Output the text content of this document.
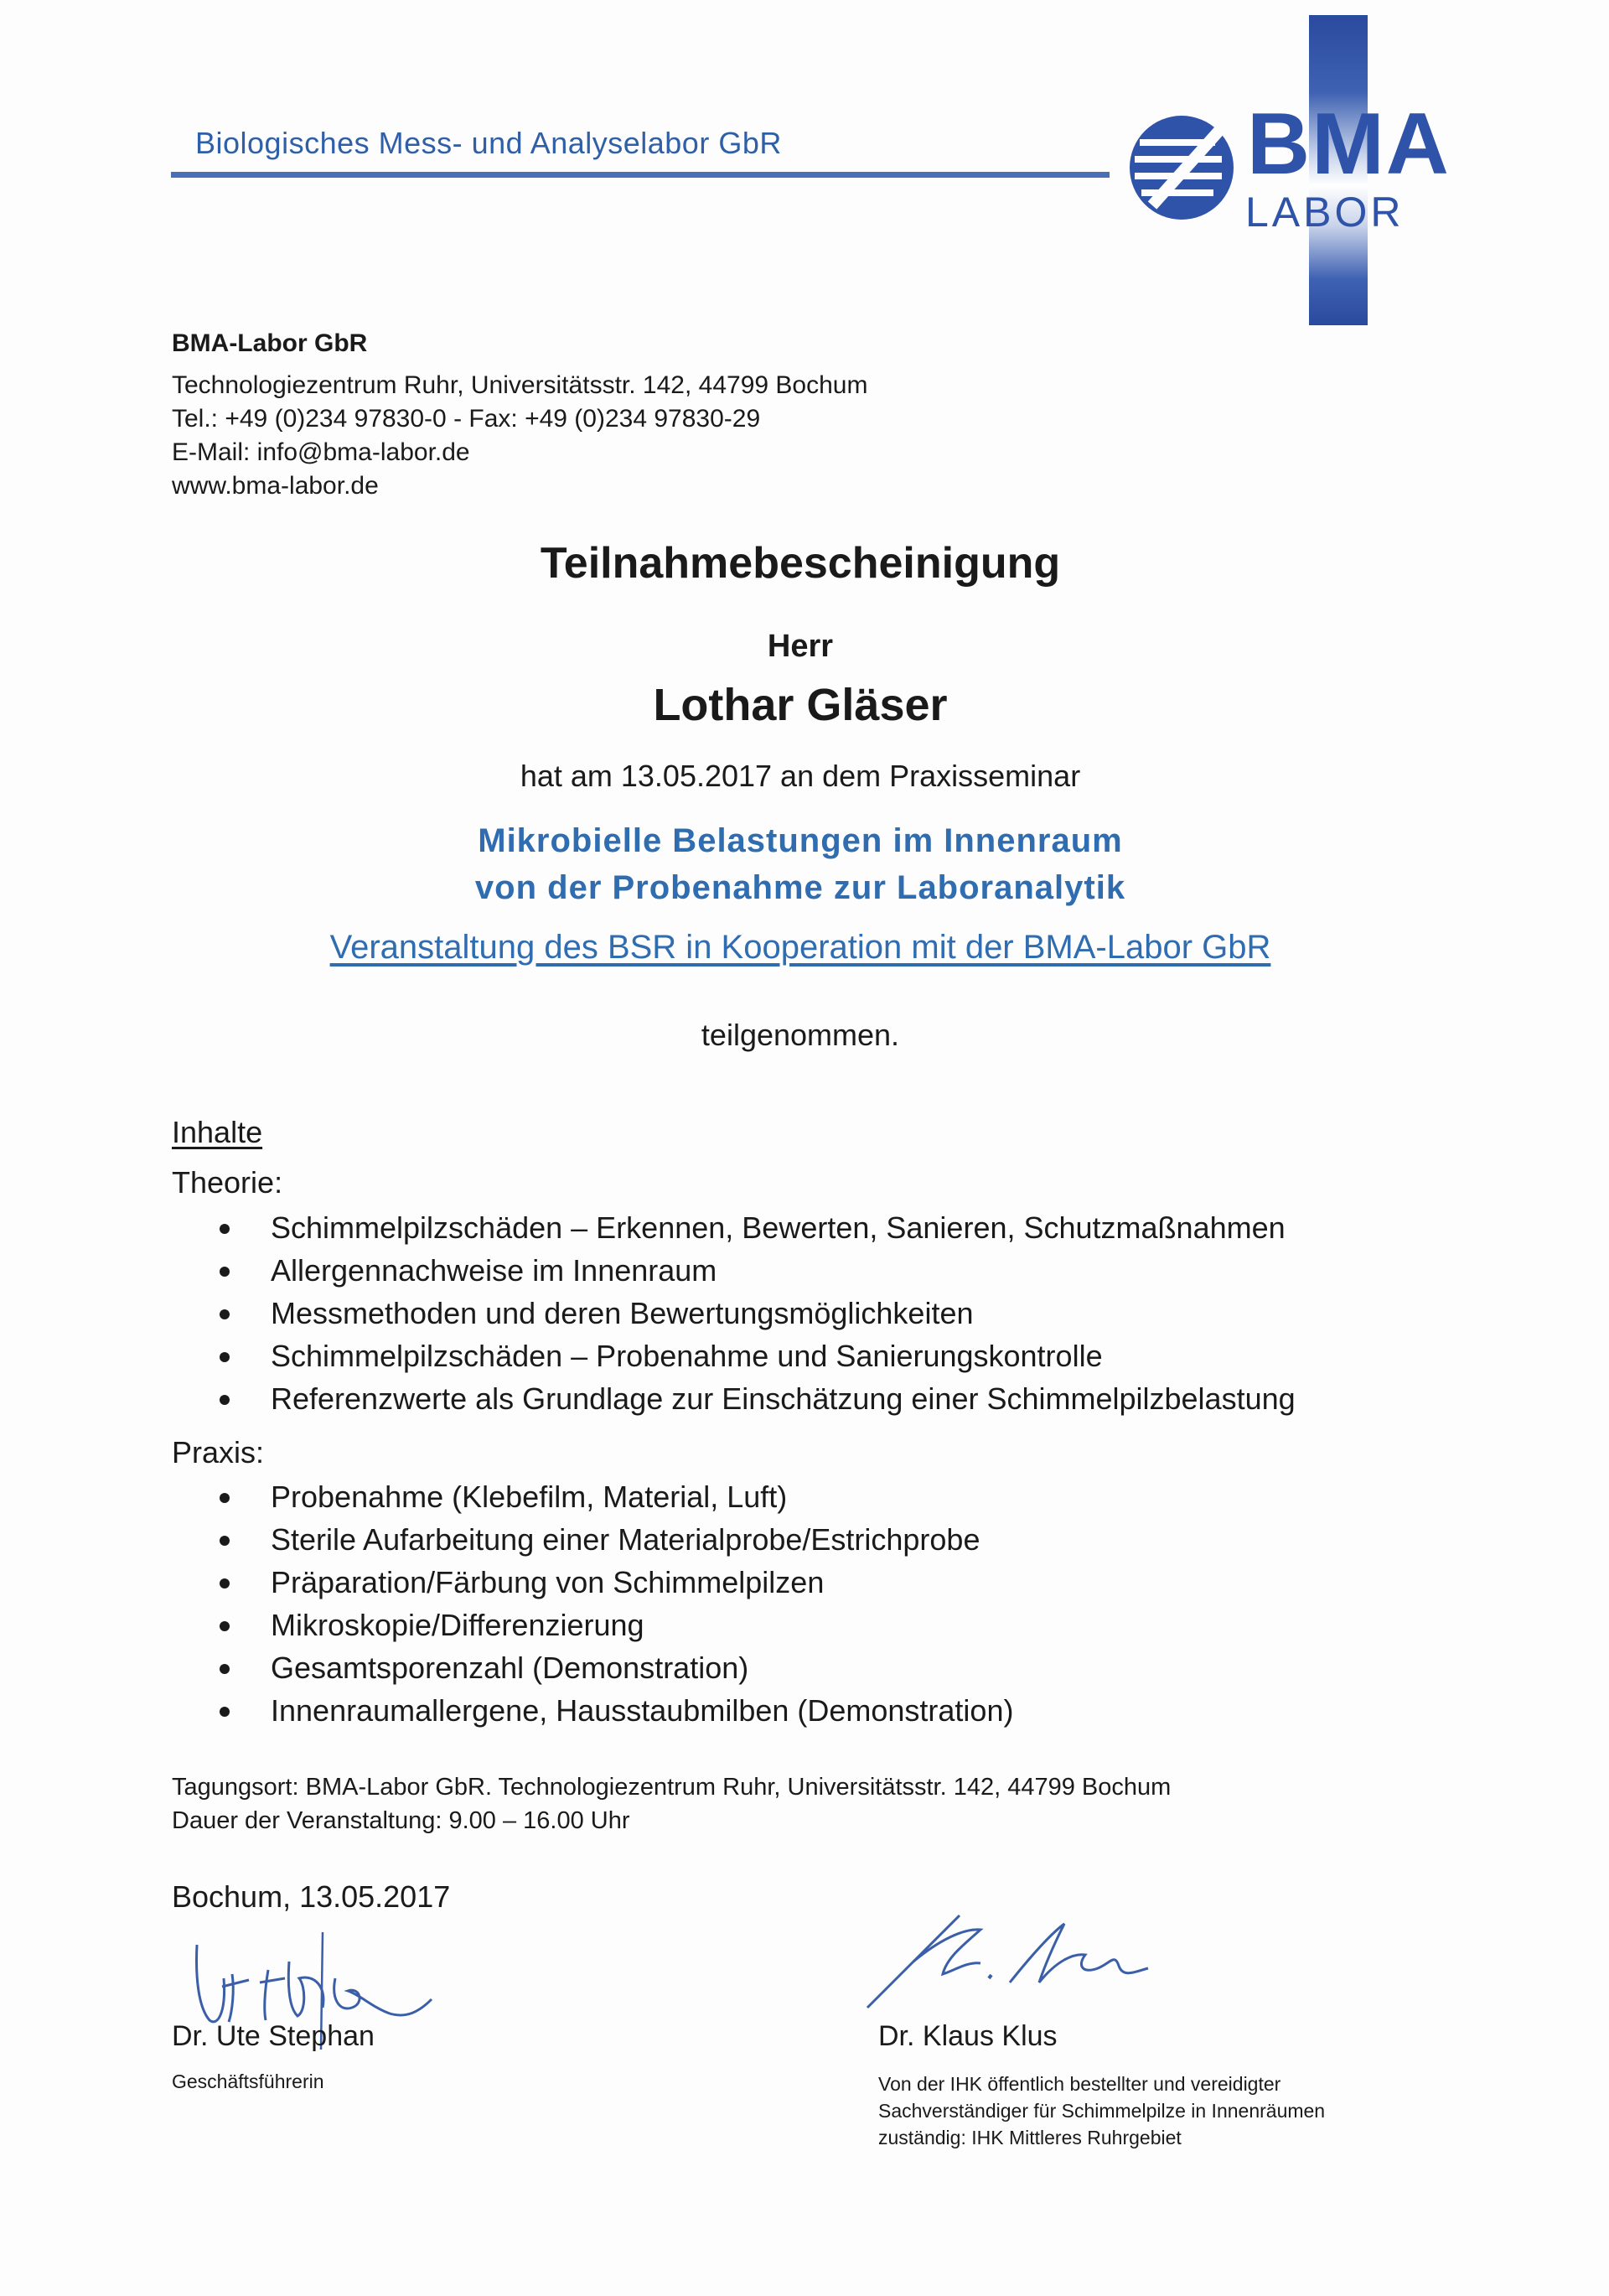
Biologisches Mess- und Analyselabor GbR	BMA
LABOR
BMA-Labor GbR
Technologiezentrum Ruhr, Universitätsstr. 142, 44799 Bochum
Tel.: +49 (0)234 97830-0 - Fax: +49 (0)234 97830-29
E-Mail: info@bma-labor.de
www.bma-labor.de
Teilnahmebescheinigung
Herr
Lothar Gläser
hat am 13.05.2017 an dem Praxisseminar
Mikrobielle Belastungen im Innenraum
von der Probenahme zur Laboranalytik
Veranstaltung des BSR in Kooperation mit der BMA-Labor GbR
teilgenommen.
Inhalte
Theorie:
Schimmelpilzschäden – Erkennen, Bewerten, Sanieren, Schutzmaßnahmen
Allergennachweise im Innenraum
Messmethoden und deren Bewertungsmöglichkeiten
Schimmelpilzschäden – Probenahme und Sanierungskontrolle
Referenzwerte als Grundlage zur Einschätzung einer Schimmelpilzbelastung
Praxis:
Probenahme (Klebefilm, Material, Luft)
Sterile Aufarbeitung einer Materialprobe/Estrichprobe
Präparation/Färbung von Schimmelpilzen
Mikroskopie/Differenzierung
Gesamtsporenzahl (Demonstration)
Innenraumallergene, Hausstaubmilben (Demonstration)
Tagungsort: BMA-Labor GbR. Technologiezentrum Ruhr, Universitätsstr. 142, 44799 Bochum
Dauer der Veranstaltung: 9.00 – 16.00 Uhr
Bochum, 13.05.2017
Dr. Ute Stephan
Geschäftsführerin
Dr. Klaus Klus
Von der IHK öffentlich bestellter und vereidigter
Sachverständiger für Schimmelpilze in Innenräumen
zuständig: IHK Mittleres Ruhrgebiet
